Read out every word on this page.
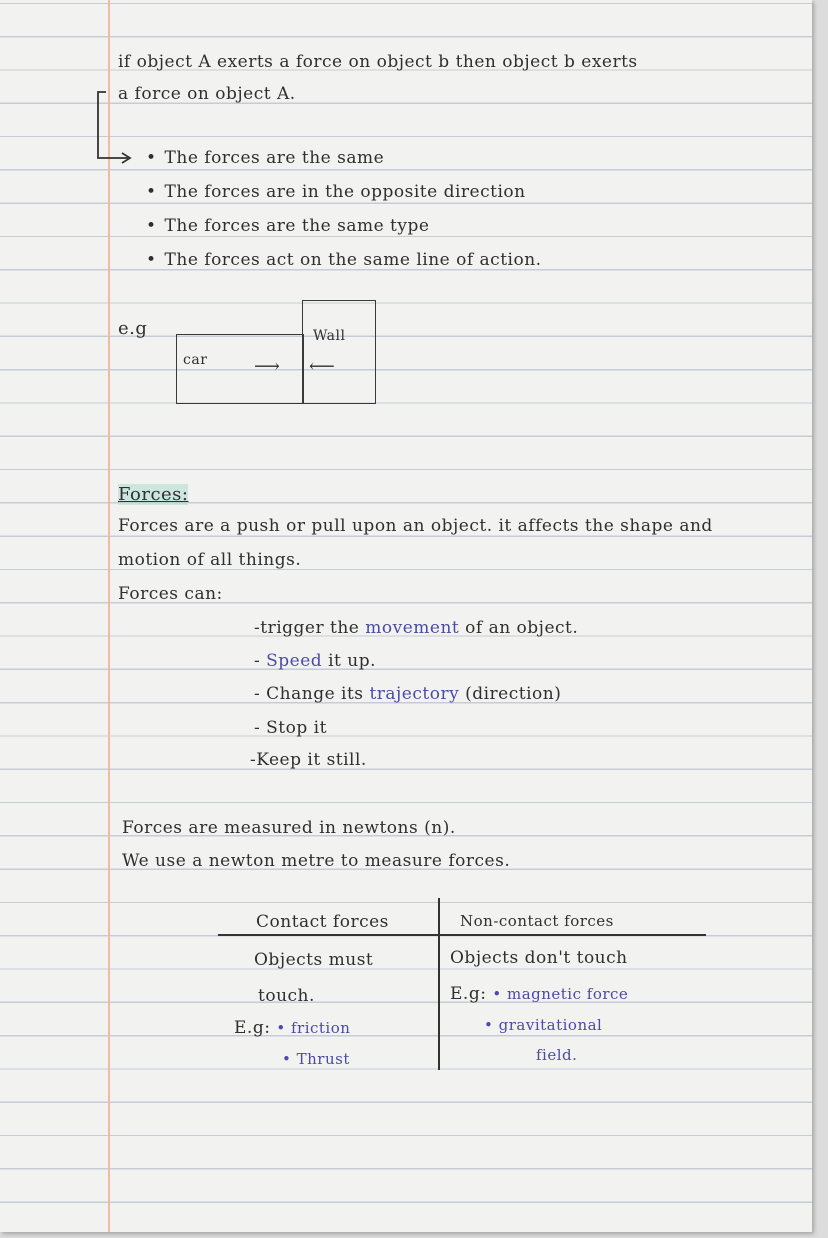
if object A exerts a force on object b then object b exerts
a force on object A.
• The forces are the same
• The forces are in the opposite direction
• The forces are the same type
• The forces act on the same line of action.
e.g
car
Wall
⟶ ⟵
Forces:
Forces are a push or pull upon an object. it affects the shape and
motion of all things.
Forces can:
-trigger the movement of an object.
- Speed it up.
- Change its trajectory (direction)
- Stop it
-Keep it still.
Forces are measured in newtons (n).
We use a newton metre to measure forces.
Contact forces	Non-contact forces
Objects must
touch.
E.g: • friction
• Thrust
Objects don't touch
E.g: • magnetic force
• gravitational
field.
